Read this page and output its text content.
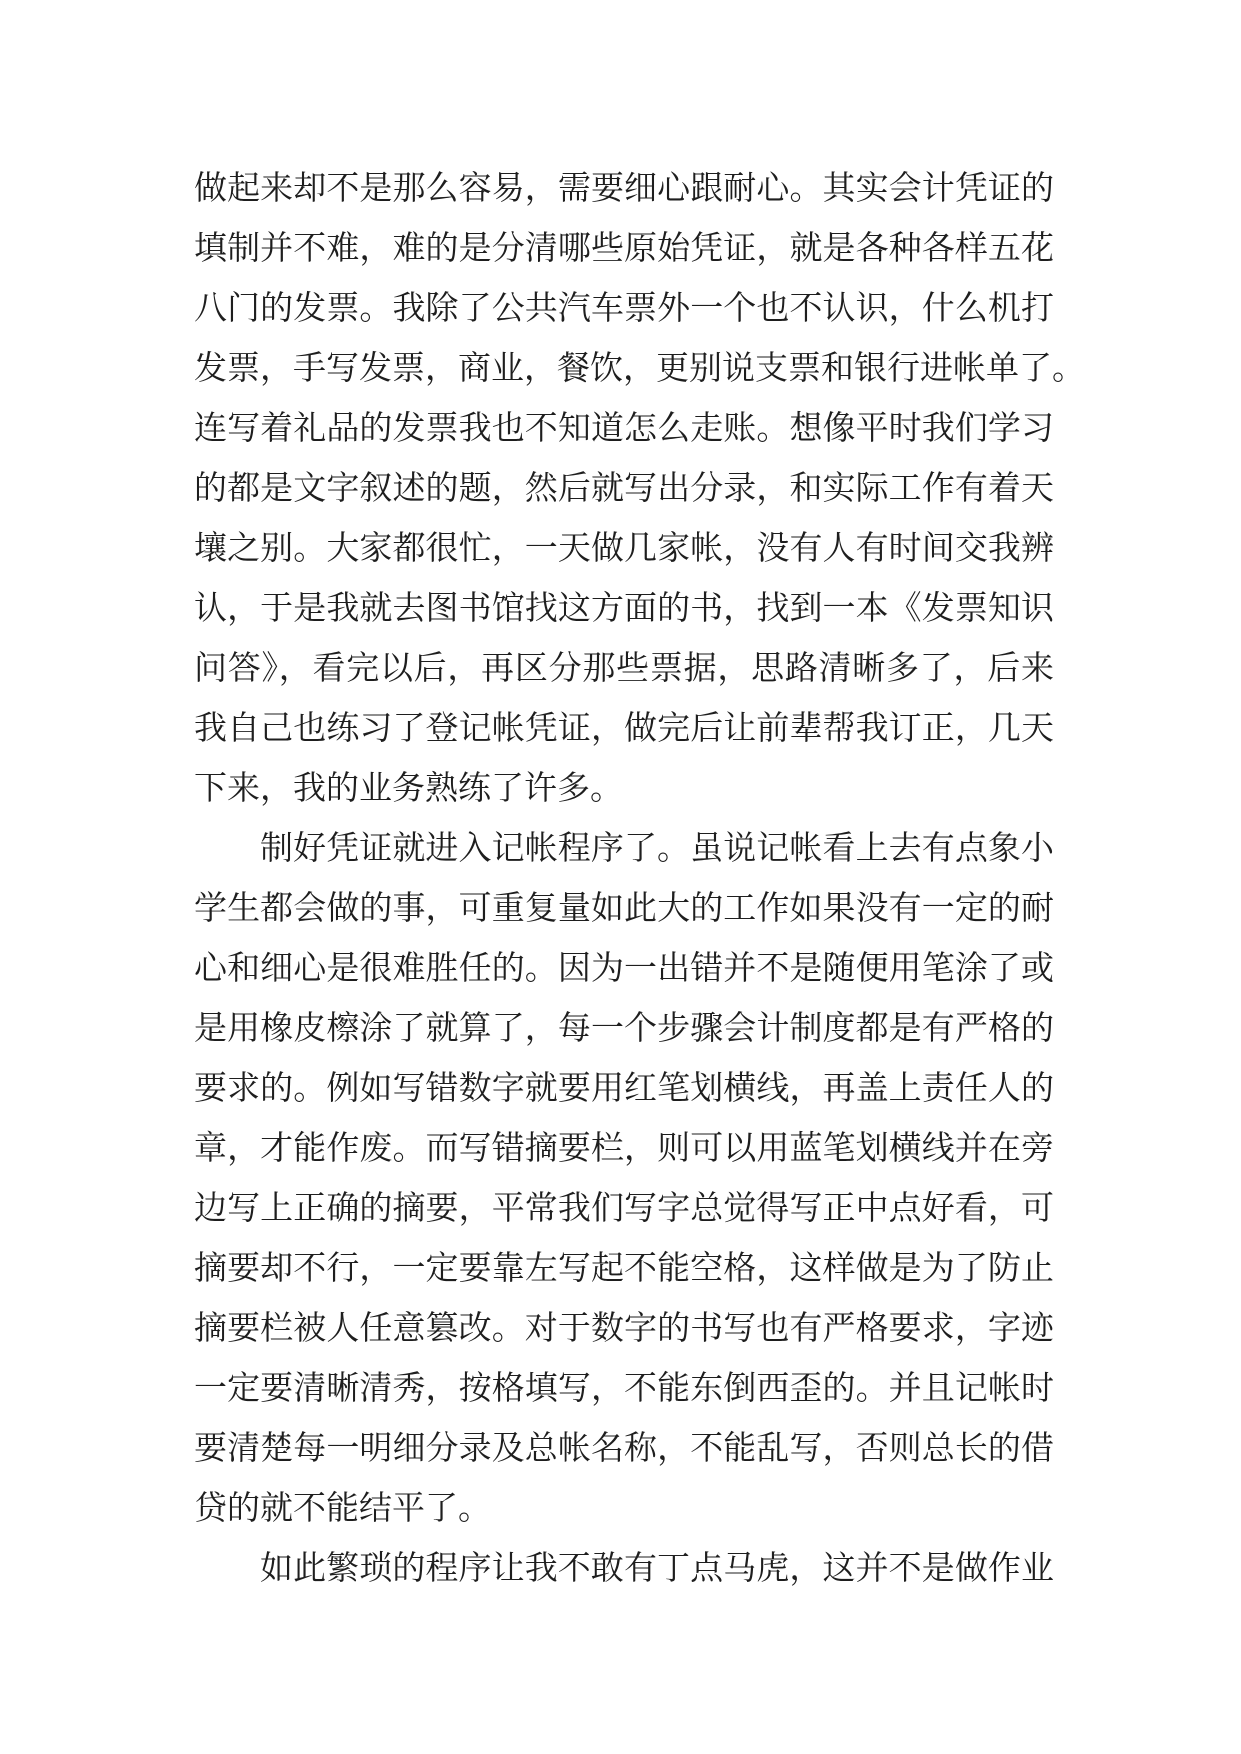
做起来却不是那么容易，需要细心跟耐心。其实会计凭证的
填制并不难，难的是分清哪些原始凭证，就是各种各样五花
八门的发票。我除了公共汽车票外一个也不认识，什么机打
发票，手写发票，商业，餐饮，更别说支票和银行进帐单了。
连写着礼品的发票我也不知道怎么走账。想像平时我们学习
的都是文字叙述的题，然后就写出分录，和实际工作有着天
壤之别。大家都很忙，一天做几家帐，没有人有时间交我辨
认，于是我就去图书馆找这方面的书，找到一本《发票知识
问答》，看完以后，再区分那些票据，思路清晰多了，后来
我自己也练习了登记帐凭证，做完后让前辈帮我订正，几天
下来，我的业务熟练了许多。
制好凭证就进入记帐程序了。虽说记帐看上去有点象小
学生都会做的事，可重复量如此大的工作如果没有一定的耐
心和细心是很难胜任的。因为一出错并不是随便用笔涂了或
是用橡皮檫涂了就算了，每一个步骤会计制度都是有严格的
要求的。例如写错数字就要用红笔划横线，再盖上责任人的
章，才能作废。而写错摘要栏，则可以用蓝笔划横线并在旁
边写上正确的摘要，平常我们写字总觉得写正中点好看，可
摘要却不行，一定要靠左写起不能空格，这样做是为了防止
摘要栏被人任意篡改。对于数字的书写也有严格要求，字迹
一定要清晰清秀，按格填写，不能东倒西歪的。并且记帐时
要清楚每一明细分录及总帐名称，不能乱写，否则总长的借
贷的就不能结平了。
如此繁琐的程序让我不敢有丁点马虎，这并不是做作业
